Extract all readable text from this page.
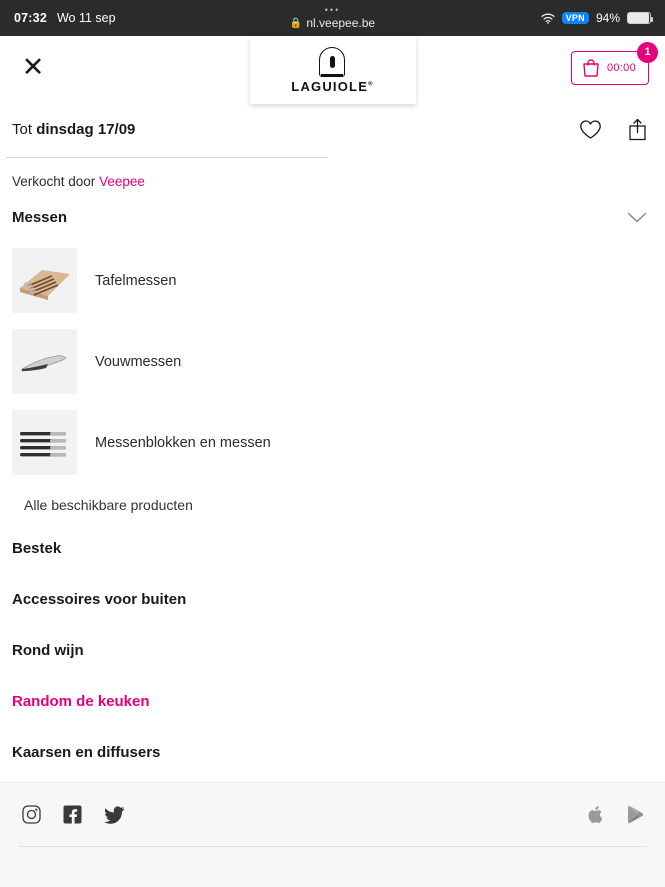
07:32 Wo 11 sep
•••
🔒 nl.veepee.be	VPN 94%
✕
LAGUIOLE®
00:00
1
Tot dinsdag 17/09
Verkocht door Veepee
Messen
Tafelmessen
Vouwmessen
Messenblokken en messen
Alle beschikbare producten
Bestek
Accessoires voor buiten
Rond wijn
Random de keuken
Kaarsen en diffusers
